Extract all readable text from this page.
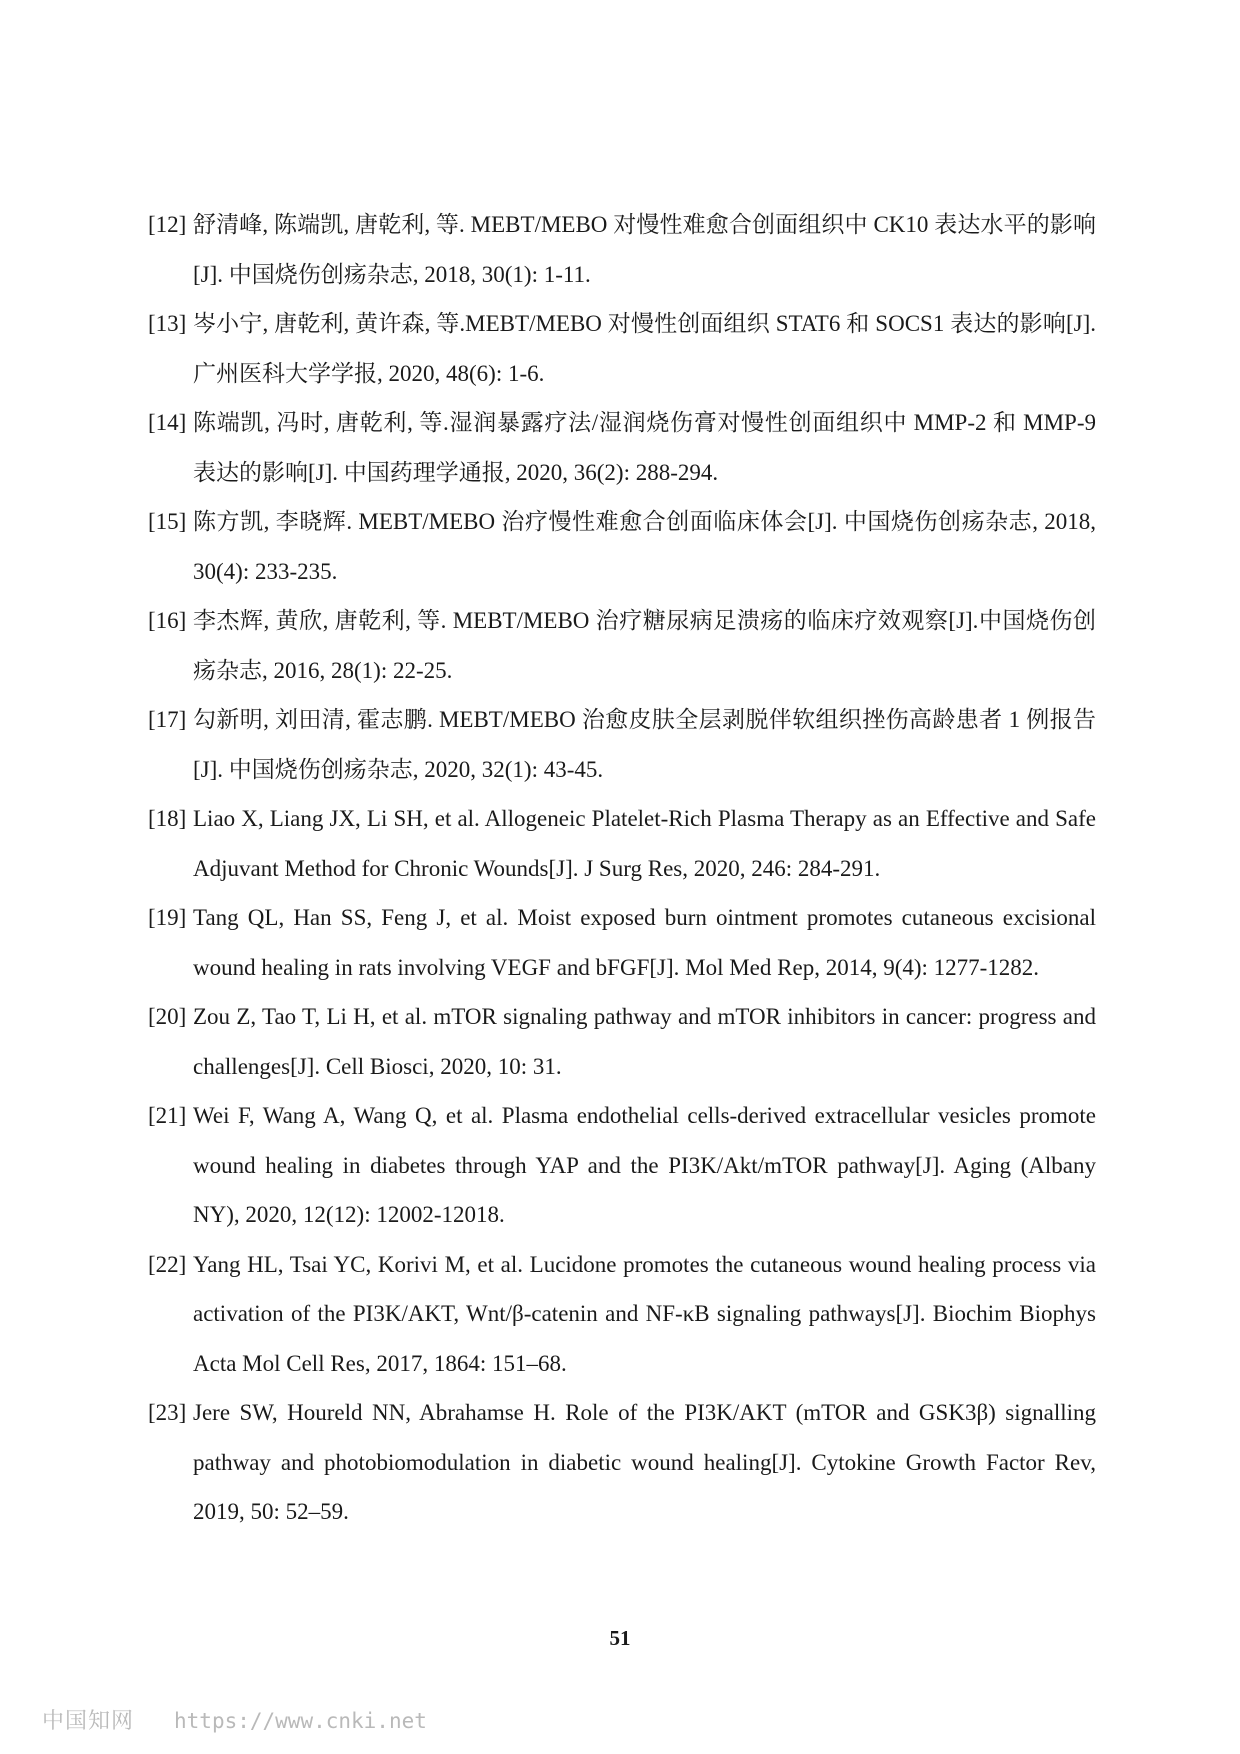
[12] 舒清峰, 陈端凯, 唐乾利, 等. MEBT/MEBO 对慢性难愈合创面组织中 CK10 表达水平的影响[J]. 中国烧伤创疡杂志, 2018, 30(1): 1-11.
[13] 岑小宁, 唐乾利, 黄许森, 等.MEBT/MEBO 对慢性创面组织 STAT6 和 SOCS1 表达的影响[J]. 广州医科大学学报, 2020, 48(6): 1-6.
[14] 陈端凯, 冯时, 唐乾利, 等.湿润暴露疗法/湿润烧伤膏对慢性创面组织中 MMP-2 和 MMP-9 表达的影响[J]. 中国药理学通报, 2020, 36(2): 288-294.
[15] 陈方凯, 李晓辉. MEBT/MEBO 治疗慢性难愈合创面临床体会[J]. 中国烧伤创疡杂志, 2018, 30(4): 233-235.
[16] 李杰辉, 黄欣, 唐乾利, 等. MEBT/MEBO 治疗糖尿病足溃疡的临床疗效观察[J].中国烧伤创疡杂志, 2016, 28(1): 22-25.
[17] 勾新明, 刘田清, 霍志鹏. MEBT/MEBO 治愈皮肤全层剥脱伴软组织挫伤高龄患者 1 例报告[J]. 中国烧伤创疡杂志, 2020, 32(1): 43-45.
[18] Liao X, Liang JX, Li SH, et al. Allogeneic Platelet-Rich Plasma Therapy as an Effective and Safe Adjuvant Method for Chronic Wounds[J]. J Surg Res, 2020, 246: 284-291.
[19] Tang QL, Han SS, Feng J, et al. Moist exposed burn ointment promotes cutaneous excisional wound healing in rats involving VEGF and bFGF[J]. Mol Med Rep, 2014, 9(4): 1277-1282.
[20] Zou Z, Tao T, Li H, et al. mTOR signaling pathway and mTOR inhibitors in cancer: progress and challenges[J]. Cell Biosci, 2020, 10: 31.
[21] Wei F, Wang A, Wang Q, et al. Plasma endothelial cells-derived extracellular vesicles promote wound healing in diabetes through YAP and the PI3K/Akt/mTOR pathway[J]. Aging (Albany NY), 2020, 12(12): 12002-12018.
[22] Yang HL, Tsai YC, Korivi M, et al. Lucidone promotes the cutaneous wound healing process via activation of the PI3K/AKT, Wnt/β-catenin and NF-κB signaling pathways[J]. Biochim Biophys Acta Mol Cell Res, 2017, 1864: 151–68.
[23] Jere SW, Houreld NN, Abrahamse H. Role of the PI3K/AKT (mTOR and GSK3β) signalling pathway and photobiomodulation in diabetic wound healing[J]. Cytokine Growth Factor Rev, 2019, 50: 52–59.
51
中国知网 https://www.cnki.net
